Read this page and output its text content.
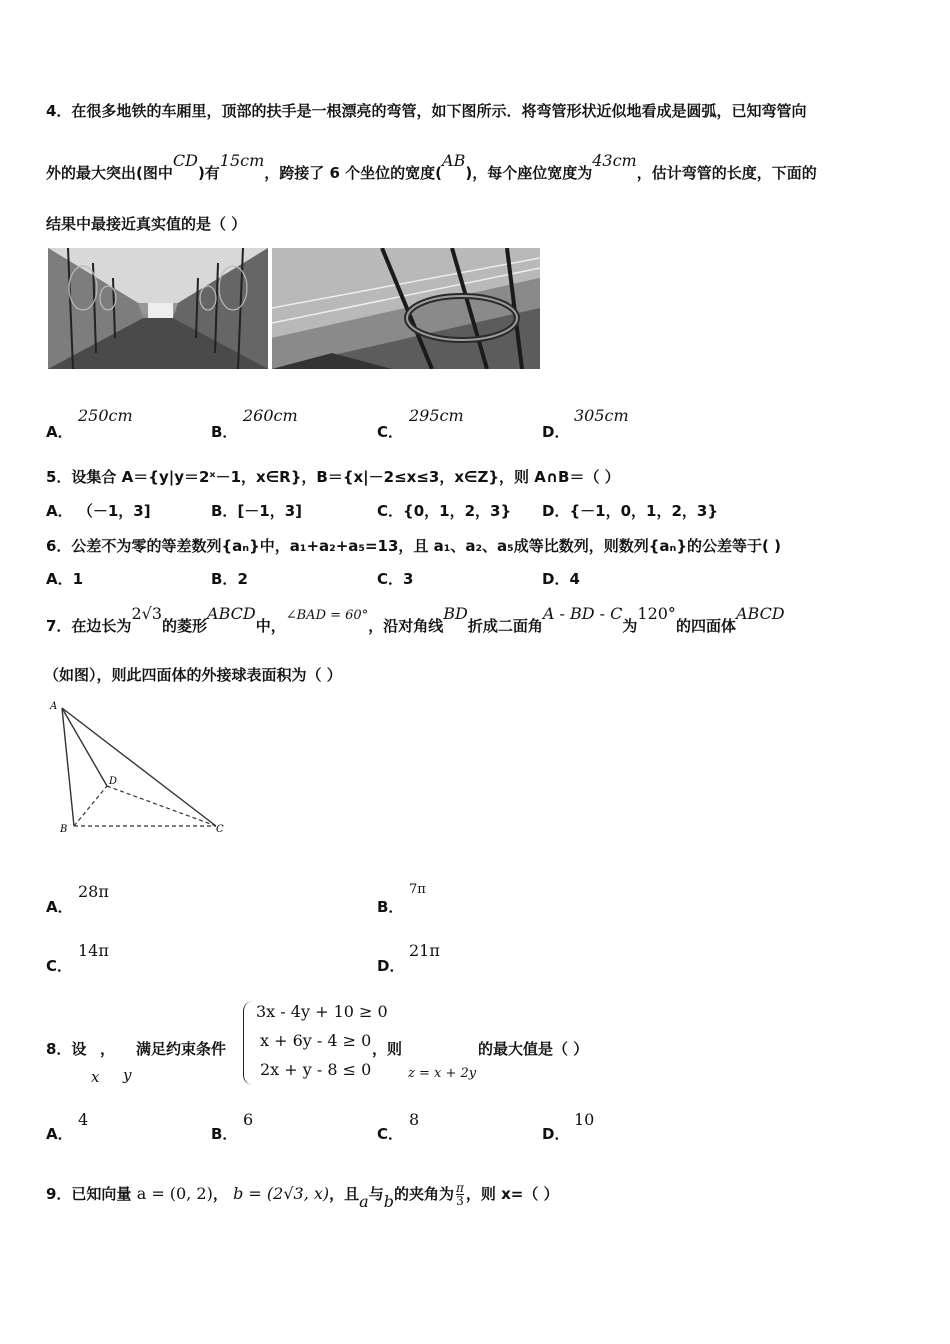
4．在很多地铁的车厢里，顶部的扶手是一根漂亮的弯管，如下图所示．将弯管形状近似地看成是圆弧，已知弯管向
外的最大突出(图中CD)有15cm，跨接了 6 个坐位的宽度(AB)，每个座位宽度为43cm，估计弯管的长度，下面的
结果中最接近真实值的是（ ）
A．
250cm
B．
260cm
C．
295cm
D．
305cm
5．设集合 A＝{y|y＝2ˣ－1，x∈R}，B＝{x|－2≤x≤3，x∈Z}，则 A∩B＝（ ）
A． （－1，3]	B．[－1，3]	C．{0，1，2，3} D．{－1，0，1，2，3}
6．公差不为零的等差数列{aₙ}中，a₁+a₂+a₅=13，且 a₁、a₂、a₅成等比数列，则数列{aₙ}的公差等于( )
A．1	B．2	C．3	D．4
7．在边长为2√3的菱形ABCD中，∠BAD = 60°，沿对角线BD折成二面角A - BD - C为120°的四面体ABCD
（如图），则此四面体的外接球表面积为（ ）
A
B	C
D
A．
28π
B．
7π
C．
14π
D．
21π
8．设 ， 满足约束条件
x y
3x - 4y + 10 ≥ 0
x + 6y - 4 ≥ 0
2x + y - 8 ≤ 0
，则
z = x + 2y
的最大值是（ ）
A．
4
B．
6
C．
8
D．
10
9．已知向量 a = (0, 2)， b = (2√3, x)，且a与b的夹角为 $\frac{\pi}{3}$ ，则 x=（ ）
